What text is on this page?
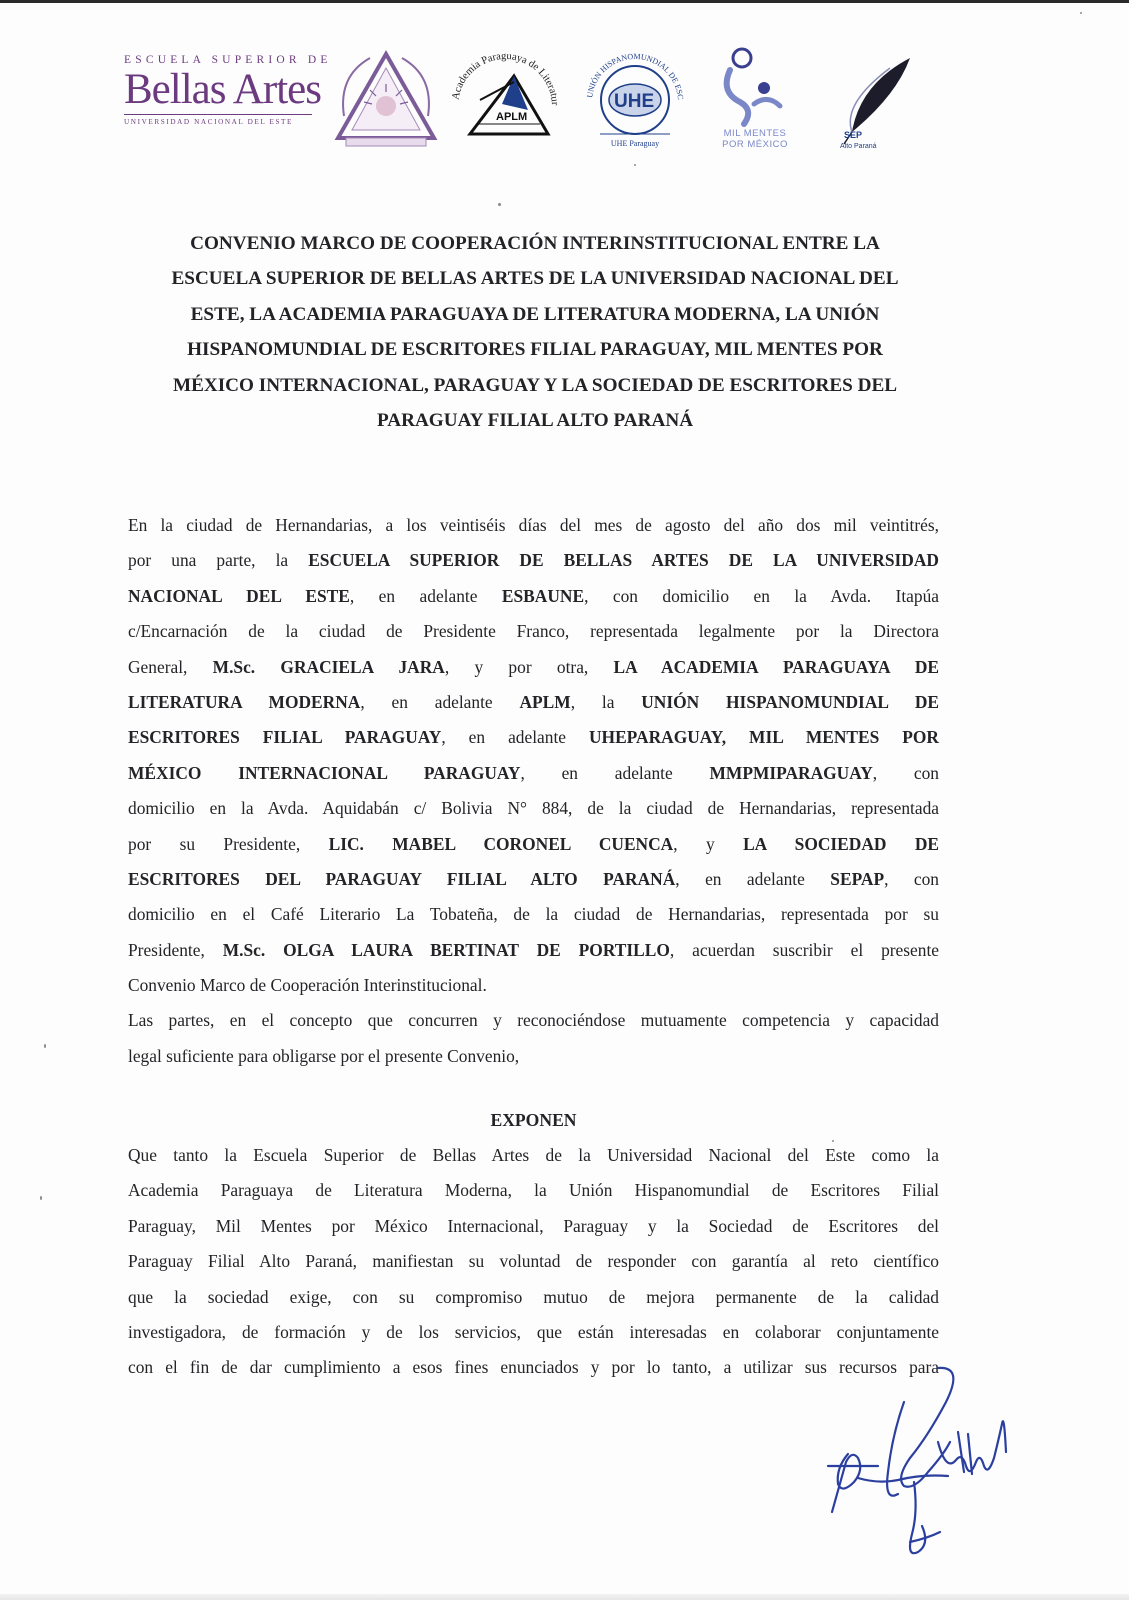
ESCUELA SUPERIOR DE
Bellas Artes
UNIVERSIDAD NACIONAL DEL ESTE
Academia Paraguaya de Literatur
APLM
UNIÓN HISPANOMUNDIAL DE ESC
UHE
UHE Paraguay
MIL MENTES
POR MÉXICO
SEP
Alto Paraná
CONVENIO MARCO DE COOPERACIÓN INTERINSTITUCIONAL ENTRE LA
ESCUELA SUPERIOR DE BELLAS ARTES DE LA UNIVERSIDAD NACIONAL DEL
ESTE, LA ACADEMIA PARAGUAYA DE LITERATURA MODERNA, LA UNIÓN
HISPANOMUNDIAL DE ESCRITORES FILIAL PARAGUAY, MIL MENTES POR
MÉXICO INTERNACIONAL, PARAGUAY Y LA SOCIEDAD DE ESCRITORES DEL
PARAGUAY FILIAL ALTO PARANÁ
En la ciudad de Hernandarias, a los veintiséis días del mes de agosto del año dos mil veintitrés,
por una parte, la ESCUELA SUPERIOR DE BELLAS ARTES DE LA UNIVERSIDAD
NACIONAL DEL ESTE, en adelante ESBAUNE, con domicilio en la Avda. Itapúa
c/Encarnación de la ciudad de Presidente Franco, representada legalmente por la Directora
General, M.Sc. GRACIELA JARA, y por otra, LA ACADEMIA PARAGUAYA DE
LITERATURA MODERNA, en adelante APLM, la UNIÓN HISPANOMUNDIAL DE
ESCRITORES FILIAL PARAGUAY, en adelante UHEPARAGUAY, MIL MENTES POR
MÉXICO INTERNACIONAL PARAGUAY, en adelante MMPMIPARAGUAY, con
domicilio en la Avda. Aquidabán c/ Bolivia N° 884, de la ciudad de Hernandarias, representada
por su Presidente, LIC. MABEL CORONEL CUENCA, y LA SOCIEDAD DE
ESCRITORES DEL PARAGUAY FILIAL ALTO PARANÁ, en adelante SEPAP, con
domicilio en el Café Literario La Tobateña, de la ciudad de Hernandarias, representada por su
Presidente, M.Sc. OLGA LAURA BERTINAT DE PORTILLO, acuerdan suscribir el presente
Convenio Marco de Cooperación Interinstitucional.
Las partes, en el concepto que concurren y reconociéndose mutuamente competencia y capacidad
legal suficiente para obligarse por el presente Convenio,
EXPONEN
Que tanto la Escuela Superior de Bellas Artes de la Universidad Nacional del Este como la
Academia Paraguaya de Literatura Moderna, la Unión Hispanomundial de Escritores Filial
Paraguay, Mil Mentes por México Internacional, Paraguay y la Sociedad de Escritores del
Paraguay Filial Alto Paraná, manifiestan su voluntad de responder con garantía al reto científico
que la sociedad exige, con su compromiso mutuo de mejora permanente de la calidad
investigadora, de formación y de los servicios, que están interesadas en colaborar conjuntamente
con el fin de dar cumplimiento a esos fines enunciados y por lo tanto, a utilizar sus recursos para
